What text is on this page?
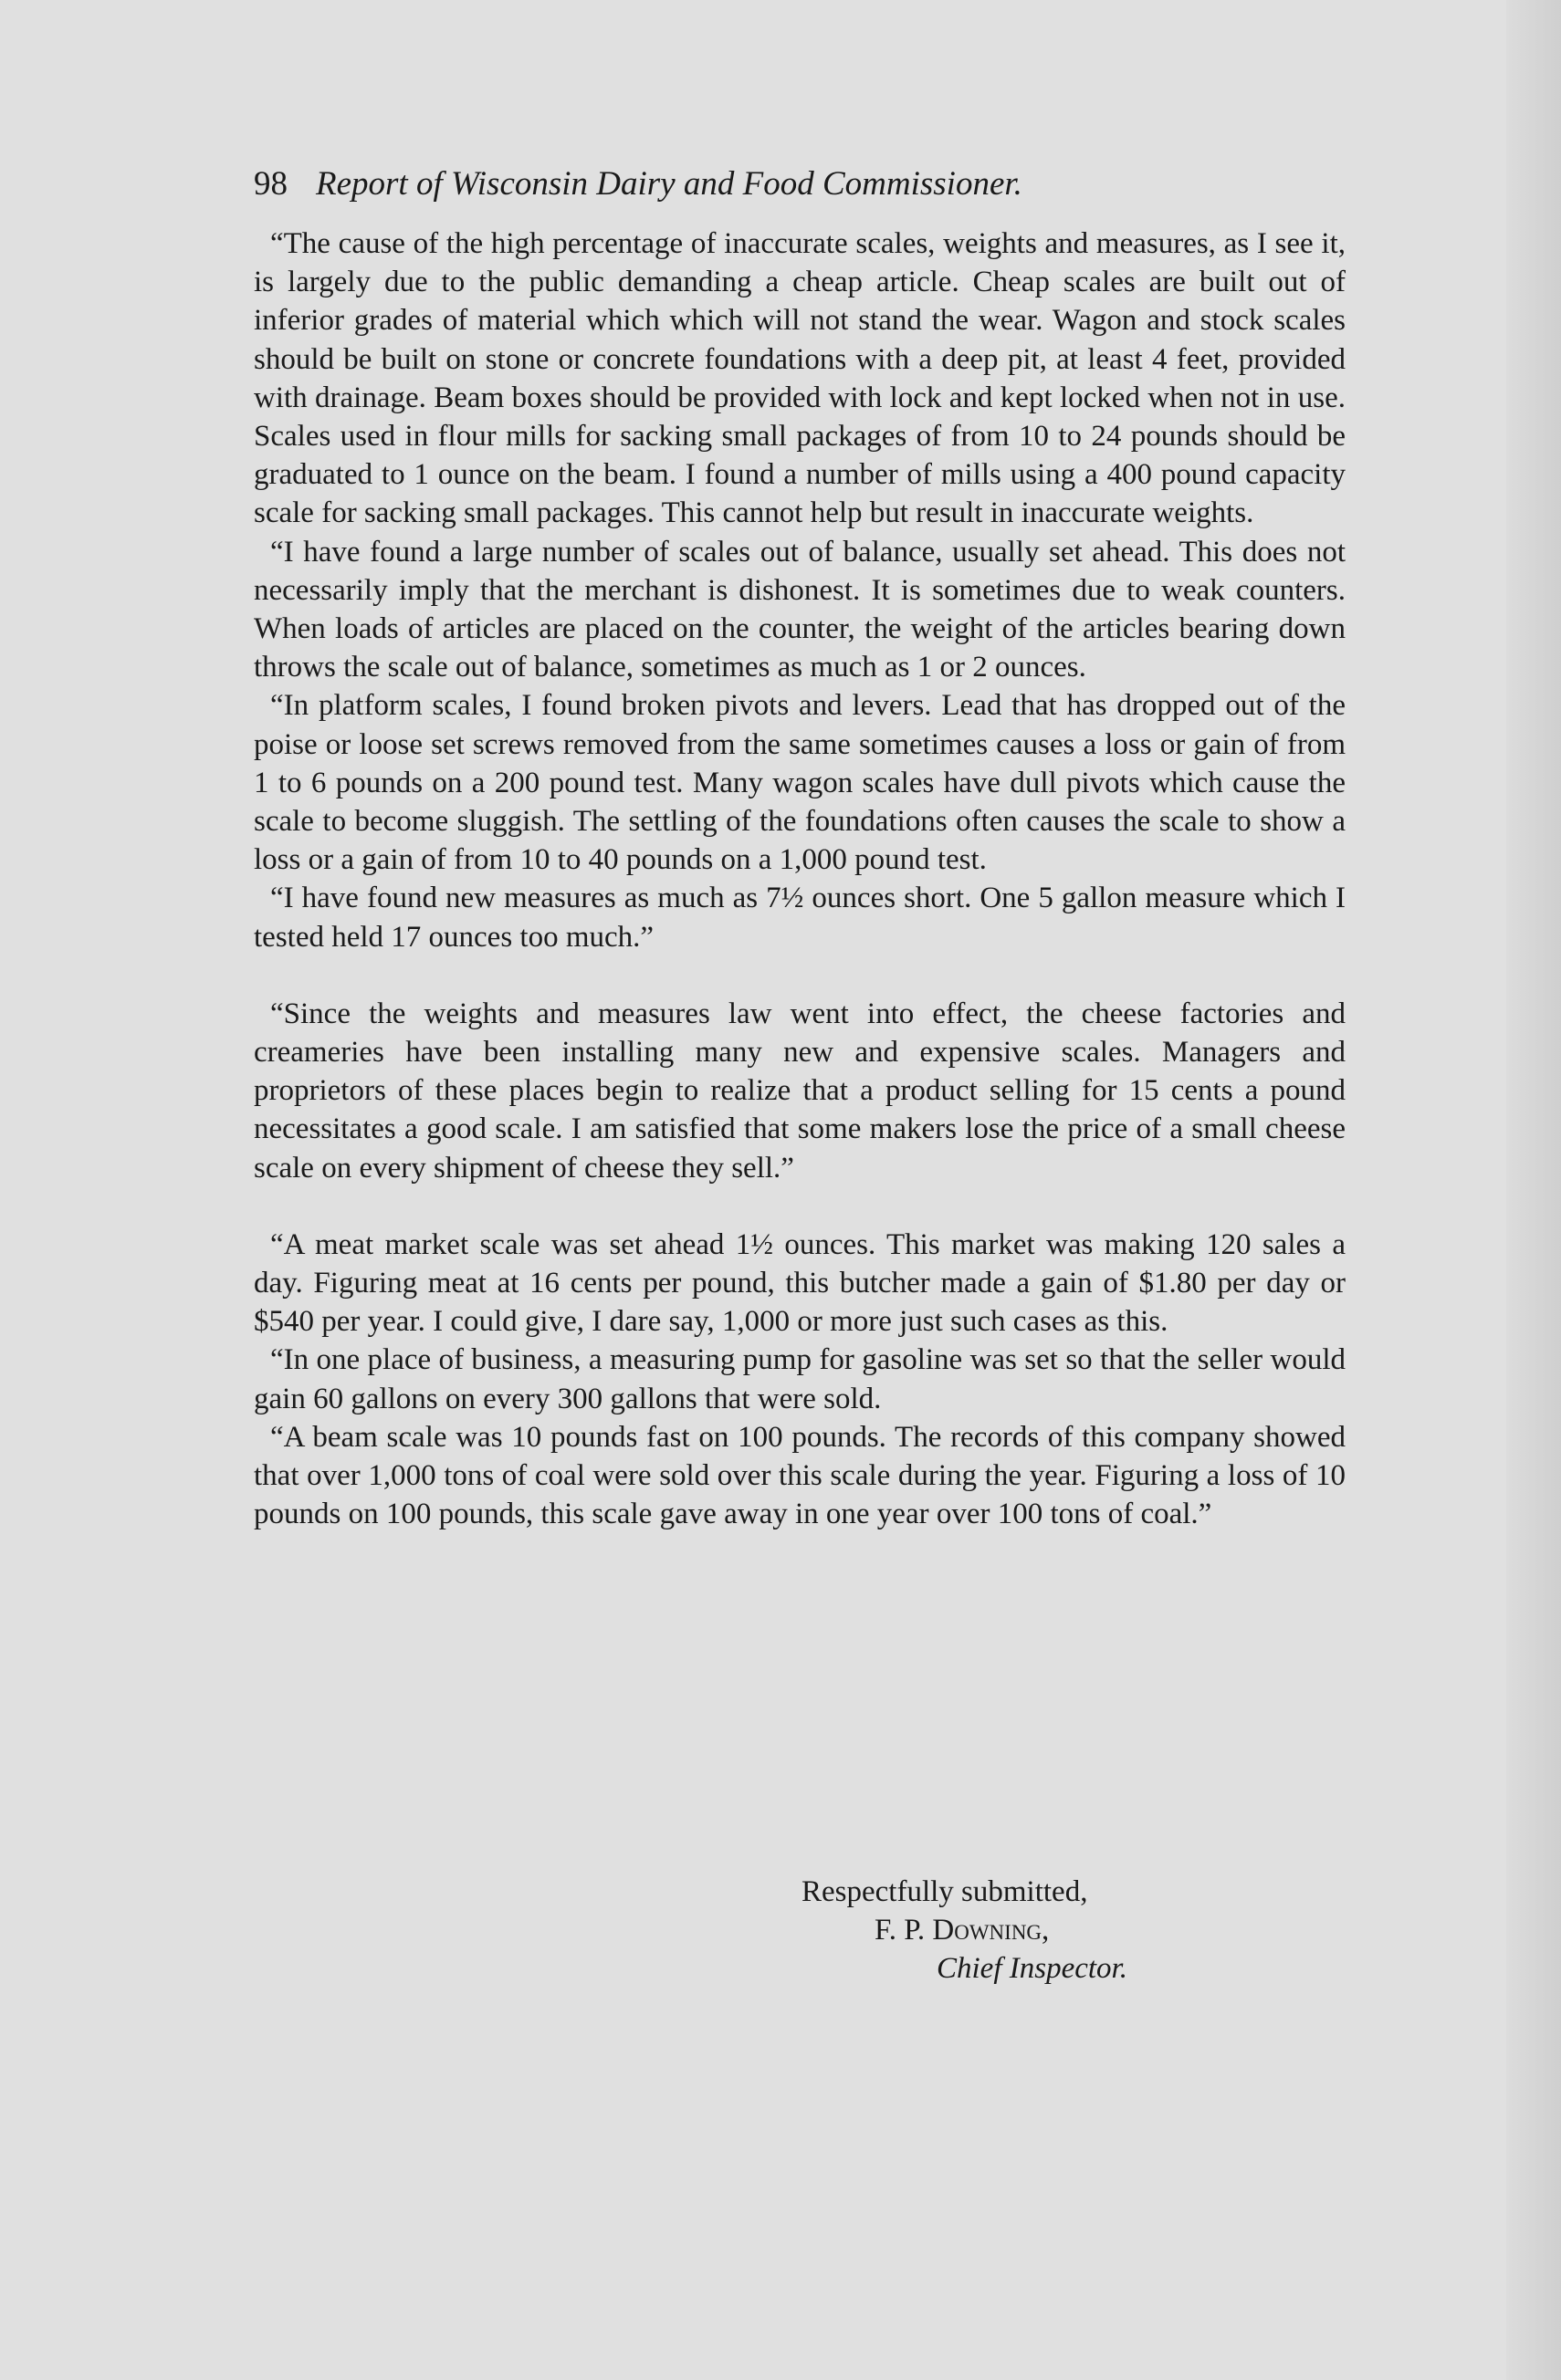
98 Report of Wisconsin Dairy and Food Commissioner.

“The cause of the high percentage of inaccurate scales, weights and measures, as I see it, is largely due to the public demanding a cheap article. Cheap scales are built out of inferior grades of material which which will not stand the wear. Wagon and stock scales should be built on stone or concrete foundations with a deep pit, at least 4 feet, provided with drainage. Beam boxes should be provided with lock and kept locked when not in use. Scales used in flour mills for sacking small packages of from 10 to 24 pounds should be graduated to 1 ounce on the beam. I found a number of mills using a 400 pound capacity scale for sacking small packages. This cannot help but result in inaccurate weights.

“I have found a large number of scales out of balance, usually set ahead. This does not necessarily imply that the merchant is dishonest. It is sometimes due to weak counters. When loads of articles are placed on the counter, the weight of the articles bearing down throws the scale out of balance, sometimes as much as 1 or 2 ounces.

“In platform scales, I found broken pivots and levers. Lead that has dropped out of the poise or loose set screws removed from the same sometimes causes a loss or gain of from 1 to 6 pounds on a 200 pound test. Many wagon scales have dull pivots which cause the scale to become sluggish. The settling of the foundations often causes the scale to show a loss or a gain of from 10 to 40 pounds on a 1,000 pound test.

“I have found new measures as much as 7½ ounces short. One 5 gallon measure which I tested held 17 ounces too much.”

“Since the weights and measures law went into effect, the cheese factories and creameries have been installing many new and expensive scales. Managers and proprietors of these places begin to realize that a product selling for 15 cents a pound necessitates a good scale. I am satisfied that some makers lose the price of a small cheese scale on every shipment of cheese they sell.”

“A meat market scale was set ahead 1½ ounces. This market was making 120 sales a day. Figuring meat at 16 cents per pound, this butcher made a gain of $1.80 per day or $540 per year. I could give, I dare say, 1,000 or more just such cases as this.

“In one place of business, a measuring pump for gasoline was set so that the seller would gain 60 gallons on every 300 gallons that were sold.

“A beam scale was 10 pounds fast on 100 pounds. The records of this company showed that over 1,000 tons of coal were sold over this scale during the year. Figuring a loss of 10 pounds on 100 pounds, this scale gave away in one year over 100 tons of coal.”

Respectfully submitted,
F. P. Downing,
Chief Inspector.
